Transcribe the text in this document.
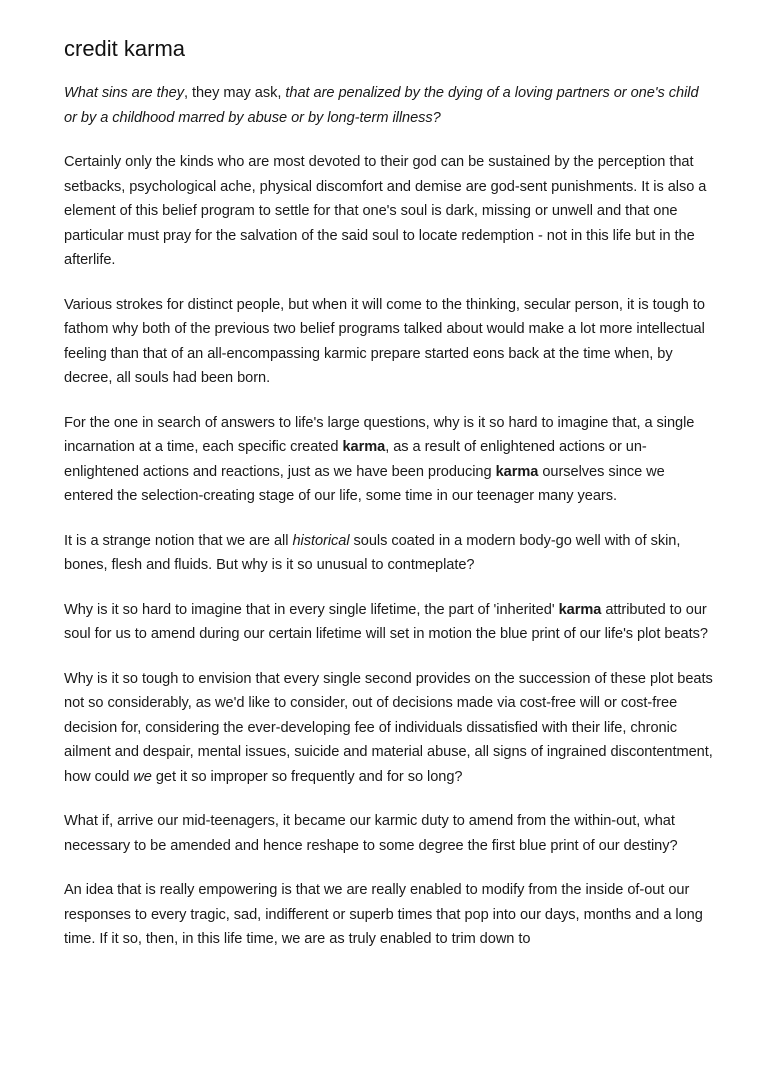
credit karma

What sins are they, they may ask, that are penalized by the dying of a loving partners or one's child or by a childhood marred by abuse or by long-term illness?

Certainly only the kinds who are most devoted to their god can be sustained by the perception that setbacks, psychological ache, physical discomfort and demise are god-sent punishments. It is also a element of this belief program to settle for that one's soul is dark, missing or unwell and that one particular must pray for the salvation of the said soul to locate redemption - not in this life but in the afterlife.

Various strokes for distinct people, but when it will come to the thinking, secular person, it is tough to fathom why both of the previous two belief programs talked about would make a lot more intellectual feeling than that of an all-encompassing karmic prepare started eons back at the time when, by decree, all souls had been born.

For the one in search of answers to life's large questions, why is it so hard to imagine that, a single incarnation at a time, each specific created karma, as a result of enlightened actions or un-enlightened actions and reactions, just as we have been producing karma ourselves since we entered the selection-creating stage of our life, some time in our teenager many years.

It is a strange notion that we are all historical souls coated in a modern body-go well with of skin, bones, flesh and fluids. But why is it so unusual to contmeplate?

Why is it so hard to imagine that in every single lifetime, the part of 'inherited' karma attributed to our soul for us to amend during our certain lifetime will set in motion the blue print of our life's plot beats?

Why is it so tough to envision that every single second provides on the succession of these plot beats not so considerably, as we'd like to consider, out of decisions made via cost-free will or cost-free decision for, considering the ever-developing fee of individuals dissatisfied with their life, chronic ailment and despair, mental issues, suicide and material abuse, all signs of ingrained discontentment, how could we get it so improper so frequently and for so long?

What if, arrive our mid-teenagers, it became our karmic duty to amend from the within-out, what necessary to be amended and hence reshape to some degree the first blue print of our destiny?

An idea that is really empowering is that we are really enabled to modify from the inside of-out our responses to every tragic, sad, indifferent or superb times that pop into our days, months and a long time. If it so, then, in this life time, we are as truly enabled to trim down to
